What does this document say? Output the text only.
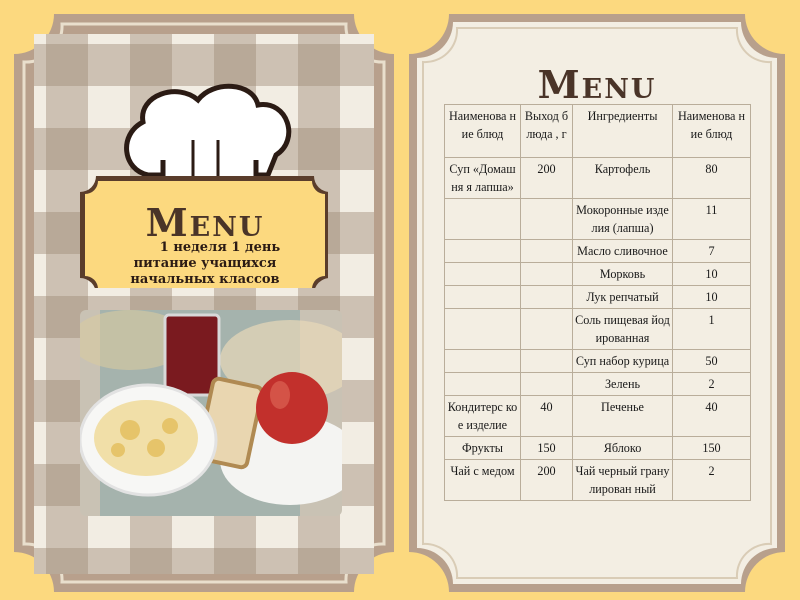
Menu
1 неделя 1 день
питание учащихся
начальных классов
Menu
Наименова ние блюд	Выход блюда , г	Ингредиенты	Наименова ние блюд
Суп «Домашня я лапша»	200	Картофель	80
		Мокоронные изделия (лапша)	11
		Масло сливочное	7
		Морковь	10
		Лук репчатый	10
		Соль пищевая йодированная	1
		Суп набор курица	50
		Зелень	2
Кондитерс кое изделие	40	Печенье	40
Фрукты	150	Яблоко	150
Чай с медом	200	Чай черный гранулирован ный	2
